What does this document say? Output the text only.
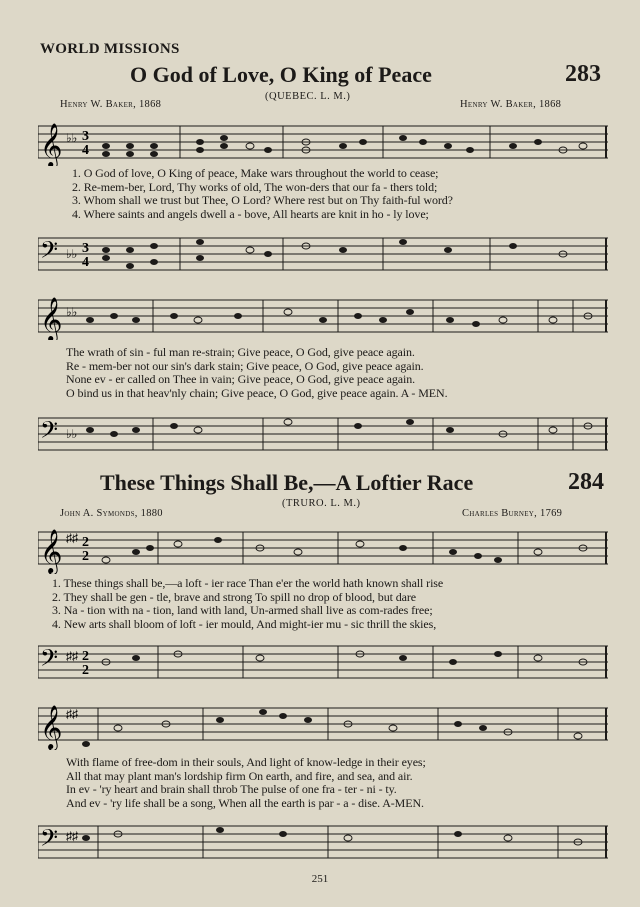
WORLD MISSIONS
O God of Love, O King of Peace	283
(QUEBEC. L. M.)
Henry W. Baker, 1868	Henry W. Baker, 1868
𝄞 ♭♭ 3
4
1. O God of love, O King of peace, Make wars throughout the world to cease;
2. Re-mem-ber, Lord, Thy works of old, The won-ders that our fa - thers told;
3. Whom shall we trust but Thee, O Lord? Where rest but on Thy faith-ful word?
4. Where saints and angels dwell a - bove, All hearts are knit in ho - ly love;
𝄢 ♭♭ 3
4
𝄞 ♭♭
The wrath of sin - ful man re-strain; Give peace, O God, give peace again.
Re - mem-ber not our sin's dark stain; Give peace, O God, give peace again.
None ev - er called on Thee in vain; Give peace, O God, give peace again.
O bind us in that heav'nly chain; Give peace, O God, give peace again. A - MEN.
𝄢 ♭♭
These Things Shall Be,—A Loftier Race	284
(TRURO. L. M.)
John A. Symonds, 1880	Charles Burney, 1769
𝄞 ♯♯ 2
2
1. These things shall be,—a loft - ier race Than e'er the world hath known shall rise
2. They shall be gen - tle, brave and strong To spill no drop of blood, but dare
3. Na - tion with na - tion, land with land, Un-armed shall live as com-rades free;
4. New arts shall bloom of loft - ier mould, And might-ier mu - sic thrill the skies,
𝄢 ♯♯ 2
2
𝄞 ♯♯
With flame of free-dom in their souls, And light of know-ledge in their eyes;
All that may plant man's lordship firm On earth, and fire, and sea, and air.
In ev - 'ry heart and brain shall throb The pulse of one fra - ter - ni - ty.
And ev - 'ry life shall be a song, When all the earth is par - a - dise. A-MEN.
𝄢 ♯♯
251
